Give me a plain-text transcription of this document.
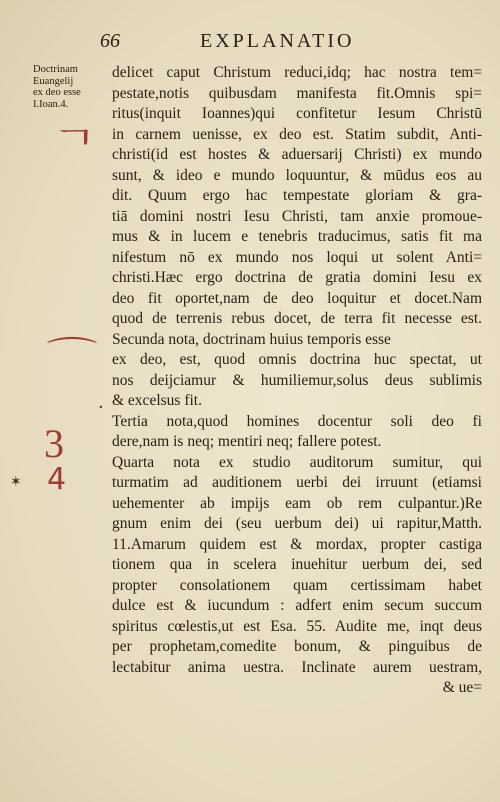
66	EXPLANATIO
Doctrinam
Euangelij
ex deo esse
I.Ioan.4.
ㄱ
⌒
3
4
·
✶
delicet caput Christum reduci,idq; hac nostra tem=
pestate,notis quibusdam manifesta fit.Omnis spi=
ritus(inquit Ioannes)qui confitetur Iesum Christū
in carnem uenisse, ex deo est. Statim subdit, Anti-
christi(id est hostes & aduersarij Christi) ex mundo
sunt, & ideo e mundo loquuntur, & mūdus eos au
dit. Quum ergo hac tempestate gloriam & gra-
tiā domini nostri Iesu Christi, tam anxie promoue-
mus & in lucem e tenebris traducimus, satis fit ma
nifestum nō ex mundo nos loqui ut solent Anti=
christi.Hæc ergo doctrina de gratia domini Iesu ex
deo fit oportet,nam de deo loquitur et docet.Nam
quod de terrenis rebus docet, de terra fit necesse est.
Secunda nota, doctrinam huius temporis esse
ex deo, est, quod omnis doctrina huc spectat, ut
nos deijciamur & humiliemur,solus deus sublimis
& excelsus fit.
Tertia nota,quod homines docentur soli deo fi
dere,nam is neq; mentiri neq; fallere potest.
Quarta nota ex studio auditorum sumitur, qui
turmatim ad auditionem uerbi dei irruunt (etiamsi
uehementer ab impijs eam ob rem culpantur.)Re
gnum enim dei (seu uerbum dei) ui rapitur,Matth.
11.Amarum quidem est & mordax, propter castiga
tionem qua in scelera inuehitur uerbum dei, sed
propter consolationem quam certissimam habet
dulce est & iucundum : adfert enim secum succum
spiritus cœlestis,ut est Esa. 55. Audite me, inqt deus
per prophetam,comedite bonum, & pinguibus de
lectabitur anima uestra. Inclinate aurem uestram,
& ue=
